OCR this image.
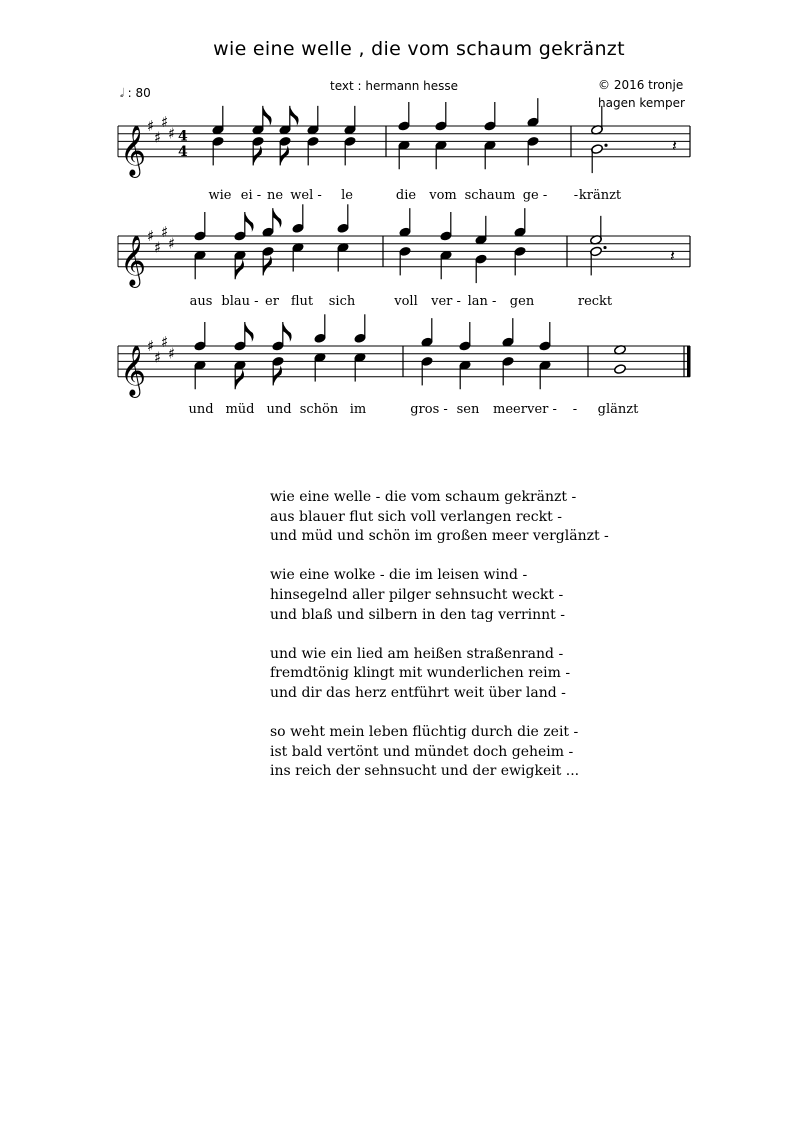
wie eine welle , die vom schaum gekränzt
𝅗𝅥 : 80	text : hermann hesse	© 2016 tronje
hagen kemper
𝄞 ♯
♯
♯
♯ 4
4	𝄽
𝄞 ♯
♯
♯
♯
𝄽
𝄞 ♯
♯
♯
♯
wie ei - ne wel - le	die vom schaum ge - - kränzt
aus blau - er flut sich	voll ver - lan - gen	reckt
und müd und schön im	gros - sen meer ver - - glänzt
wie eine welle - die vom schaum gekränzt -
aus blauer flut sich voll verlangen reckt -
und müd und schön im großen meer verglänzt -
wie eine wolke - die im leisen wind -
hinsegelnd aller pilger sehnsucht weckt -
und blaß und silbern in den tag verrinnt -
und wie ein lied am heißen straßenrand -
fremdtönig klingt mit wunderlichen reim -
und dir das herz entführt weit über land -
so weht mein leben flüchtig durch die zeit -
ist bald vertönt und mündet doch geheim -
ins reich der sehnsucht und der ewigkeit ...
